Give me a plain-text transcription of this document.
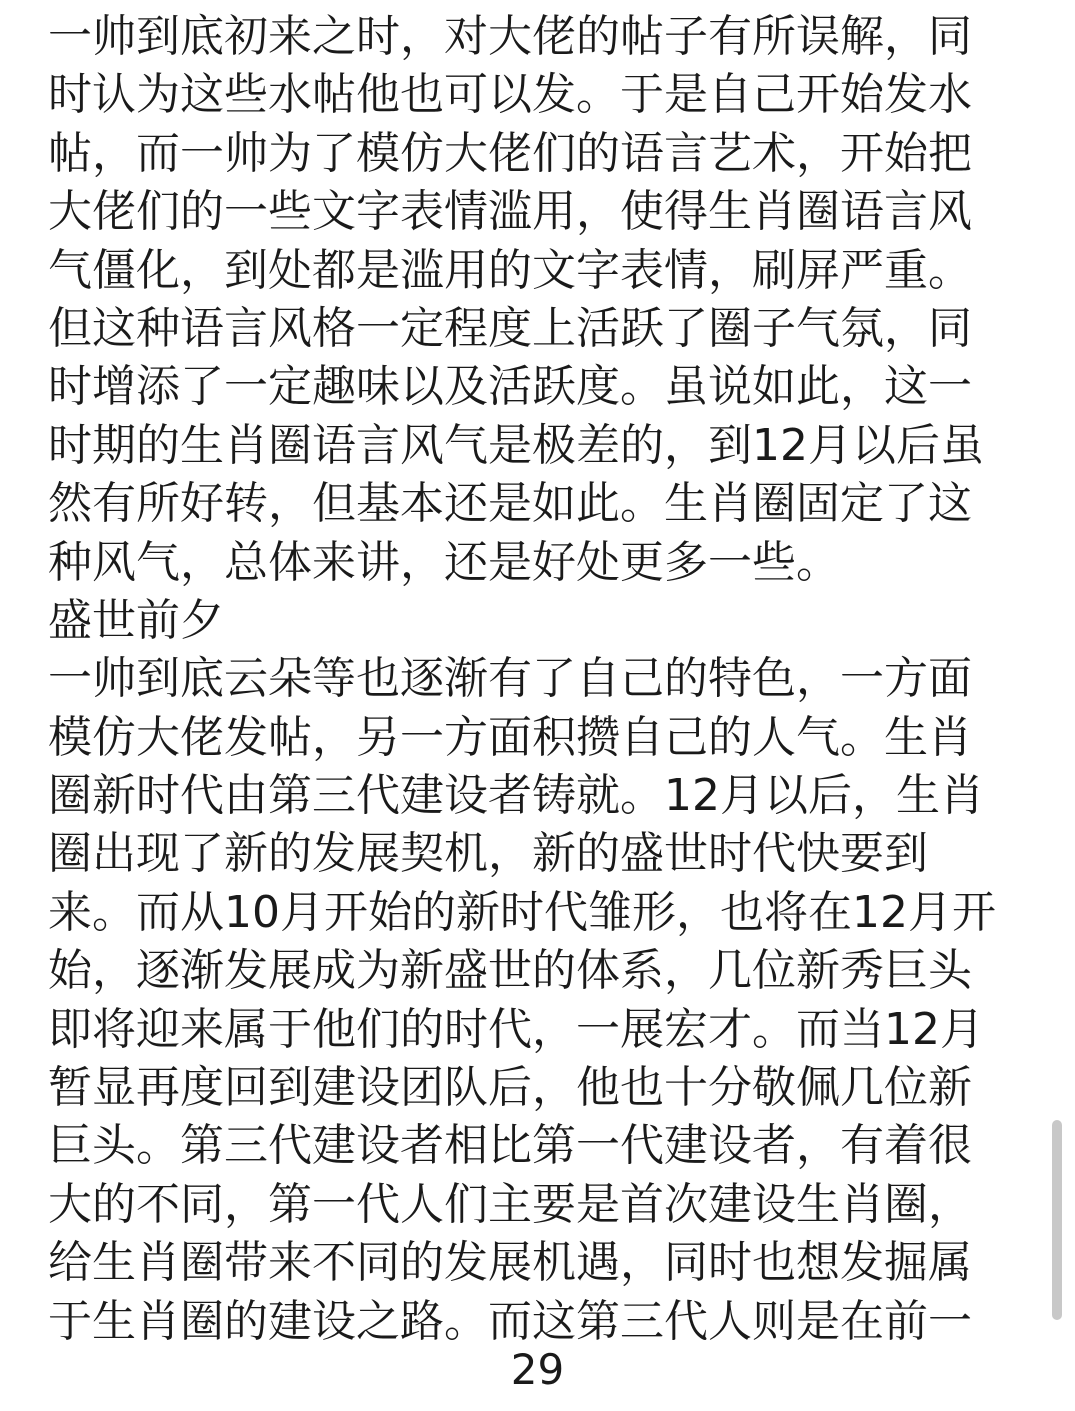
一帅到底初来之时，对大佬的帖子有所误解，同
时认为这些水帖他也可以发。于是自己开始发水
帖，而一帅为了模仿大佬们的语言艺术，开始把
大佬们的一些文字表情滥用，使得生肖圈语言风
气僵化，到处都是滥用的文字表情，刷屏严重。
但这种语言风格一定程度上活跃了圈子气氛，同
时增添了一定趣味以及活跃度。虽说如此，这一
时期的生肖圈语言风气是极差的，到12月以后虽
然有所好转，但基本还是如此。生肖圈固定了这
种风气，总体来讲，还是好处更多一些。
盛世前夕
一帅到底云朵等也逐渐有了自己的特色，一方面
模仿大佬发帖，另一方面积攒自己的人气。生肖
圈新时代由第三代建设者铸就。12月以后，生肖
圈出现了新的发展契机，新的盛世时代快要到
来。而从10月开始的新时代雏形，也将在12月开
始，逐渐发展成为新盛世的体系，几位新秀巨头
即将迎来属于他们的时代，一展宏才。而当12月
暂显再度回到建设团队后，他也十分敬佩几位新
巨头。第三代建设者相比第一代建设者，有着很
大的不同，第一代人们主要是首次建设生肖圈，
给生肖圈带来不同的发展机遇，同时也想发掘属
于生肖圈的建设之路。而这第三代人则是在前一
29
